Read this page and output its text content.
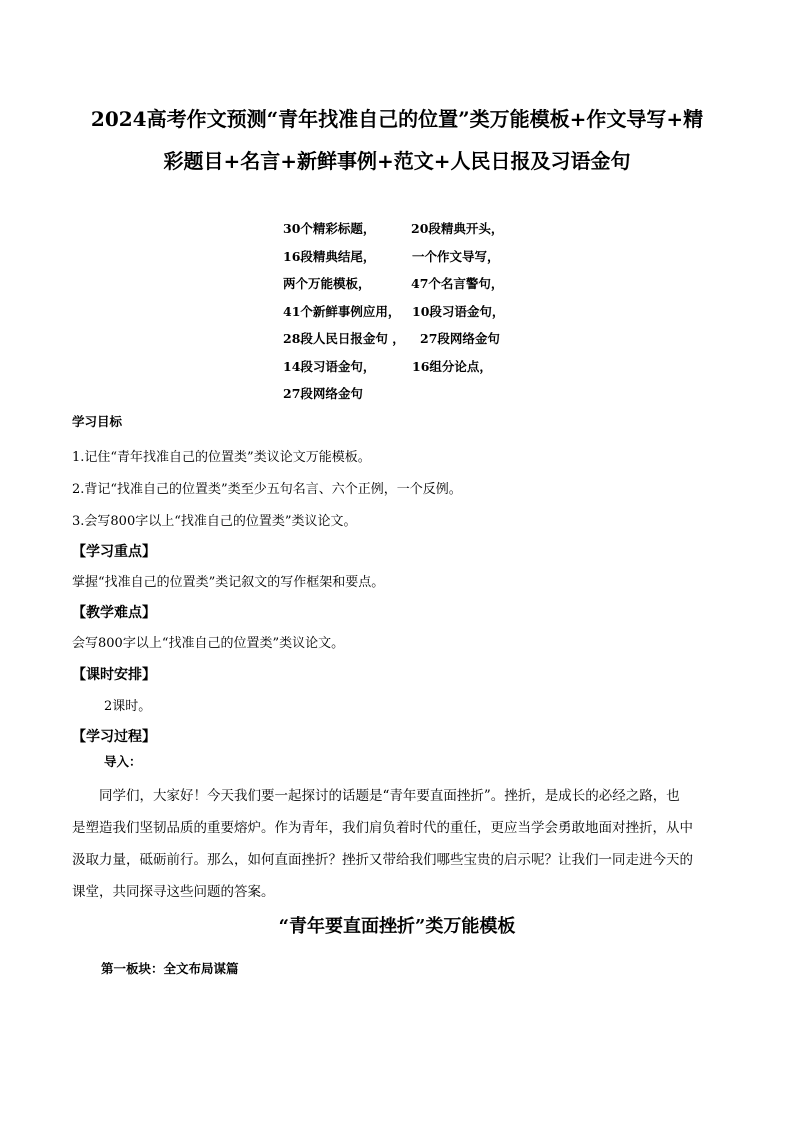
2024高考作文预测“青年找准自己的位置”类万能模板+作文导写+精
彩题目+名言+新鲜事例+范文+人民日报及习语金句
30个精彩标题，	20段精典开头，
16段精典结尾，	一个作文导写，
两个万能模板，	47个名言警句，
41个新鲜事例应用， 10段习语金句，
28段人民日报金句 ， 27段网络金句
14段习语金句，	16组分论点，
27段网络金句
学习目标
1.记住“青年找准自己的位置类”类议论文万能模板。
2.背记“找准自己的位置类”类至少五句名言、六个正例，一个反例。
3.会写800字以上“找准自己的位置类”类议论文。
【学习重点】
掌握“找准自己的位置类”类记叙文的写作框架和要点。
【教学难点】
会写800字以上“找准自己的位置类”类议论文。
【课时安排】
2课时。
【学习过程】
导入：
同学们，大家好！今天我们要一起探讨的话题是“青年要直面挫折”。挫折，是成长的必经之路，也
是塑造我们坚韧品质的重要熔炉。作为青年，我们肩负着时代的重任，更应当学会勇敢地面对挫折，从中
汲取力量，砥砺前行。那么，如何直面挫折？挫折又带给我们哪些宝贵的启示呢？让我们一同走进今天的
课堂，共同探寻这些问题的答案。
“青年要直面挫折”类万能模板
第一板块：全文布局谋篇
